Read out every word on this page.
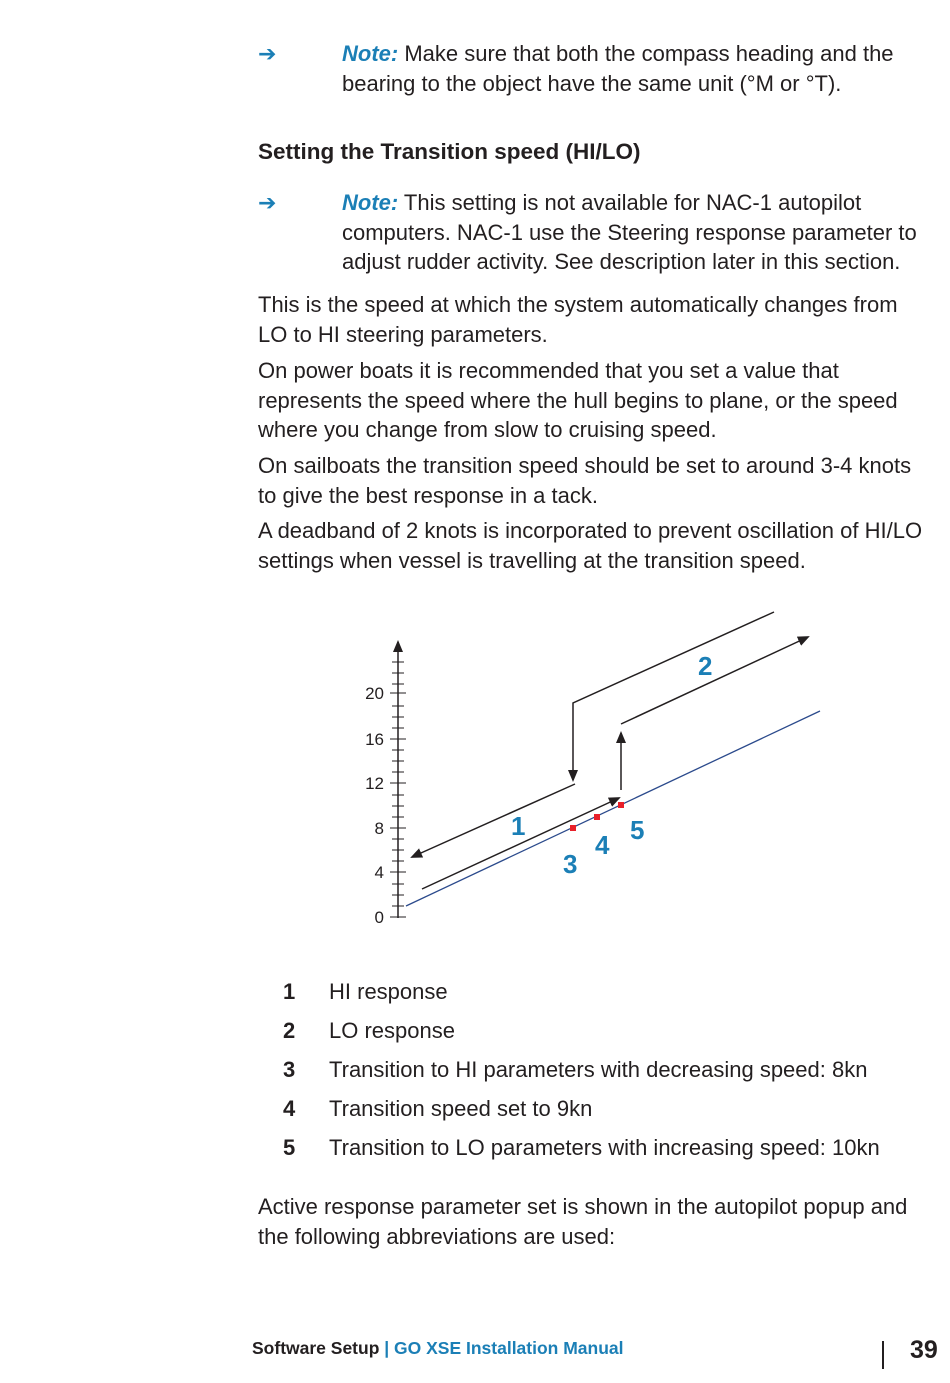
➔	Note: Make sure that both the compass heading and the bearing to the object have the same unit (°M or °T).
Setting the Transition speed (HI/LO)
➔	Note: This setting is not available for NAC-1 autopilot computers. NAC-1 use the Steering response parameter to adjust rudder activity. See description later in this section.

This is the speed at which the system automatically changes from LO to HI steering parameters.

On power boats it is recommended that you set a value that represents the speed where the hull begins to plane, or the speed where you change from slow to cruising speed.

On sailboats the transition speed should be set to around 3-4 knots to give the best response in a tack.

A deadband of 2 knots is incorporated to prevent oscillation of HI/LO settings when vessel is travelling at the transition speed.

0
4
8
12
16
20
1
2
3
4 5
1 HI response
2 LO response
3 Transition to HI parameters with decreasing speed: 8kn
4 Transition speed set to 9kn
5 Transition to LO parameters with increasing speed: 10kn

Active response parameter set is shown in the autopilot popup and the following abbreviations are used:

Software Setup | GO XSE Installation Manual	39
